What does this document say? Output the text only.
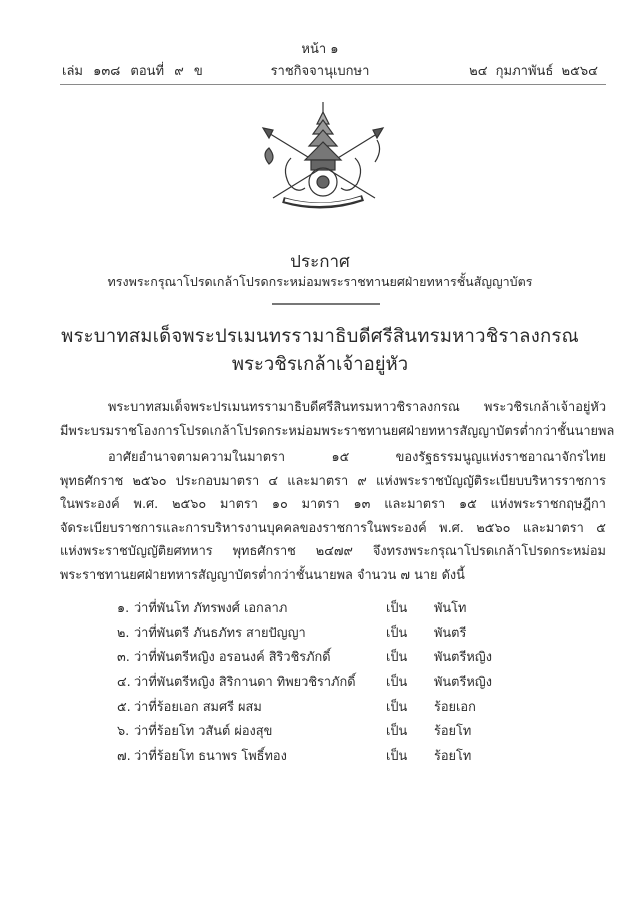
หน้า ๑
เล่ม ๑๓๘ ตอนที่ ๙ ข	ราชกิจจานุเบกษา	๒๔ กุมภาพันธ์ ๒๕๖๔
ประกาศ
ทรงพระกรุณาโปรดเกล้าโปรดกระหม่อมพระราชทานยศฝ่ายทหารชั้นสัญญาบัตร
พระบาทสมเด็จพระปรเมนทรรามาธิบดีศรีสินทรมหาวชิราลงกรณ
พระวชิรเกล้าเจ้าอยู่หัว
พระบาทสมเด็จพระปรเมนทรรามาธิบดีศรีสินทรมหาวชิราลงกรณ พระวชิรเกล้าเจ้าอยู่หัว
มีพระบรมราชโองการโปรดเกล้าโปรดกระหม่อมพระราชทานยศฝ่ายทหารสัญญาบัตรต่ำกว่าชั้นนายพล
อาศัยอำนาจตามความในมาตรา ๑๕ ของรัฐธรรมนูญแห่งราชอาณาจักรไทย
พุทธศักราช ๒๕๖๐ ประกอบมาตรา ๔ และมาตรา ๙ แห่งพระราชบัญญัติระเบียบบริหารราชการ
ในพระองค์ พ.ศ. ๒๕๖๐ มาตรา ๑๐ มาตรา ๑๓ และมาตรา ๑๕ แห่งพระราชกฤษฎีกา
จัดระเบียบราชการและการบริหารงานบุคคลของราชการในพระองค์ พ.ศ. ๒๕๖๐ และมาตรา ๕
แห่งพระราชบัญญัติยศทหาร พุทธศักราช ๒๔๗๙ จึงทรงพระกรุณาโปรดเกล้าโปรดกระหม่อม
พระราชทานยศฝ่ายทหารสัญญาบัตรต่ำกว่าชั้นนายพล จำนวน ๗ นาย ดังนี้
๑. ว่าที่พันโท ภัทรพงศ์ เอกลาภ	เป็น พันโท
๒. ว่าที่พันตรี ภันธภัทร สายปัญญา	เป็น พันตรี
๓. ว่าที่พันตรีหญิง อรอนงค์ สิริวชิรภักดิ์	เป็น พันตรีหญิง
๔. ว่าที่พันตรีหญิง สิริกานดา ทิพยวชิราภักดิ์ เป็น พันตรีหญิง
๕. ว่าที่ร้อยเอก สมศรี ผสม	เป็น ร้อยเอก
๖. ว่าที่ร้อยโท วสันต์ ผ่องสุข	เป็น ร้อยโท
๗. ว่าที่ร้อยโท ธนาพร โพธิ์ทอง	เป็น ร้อยโท
